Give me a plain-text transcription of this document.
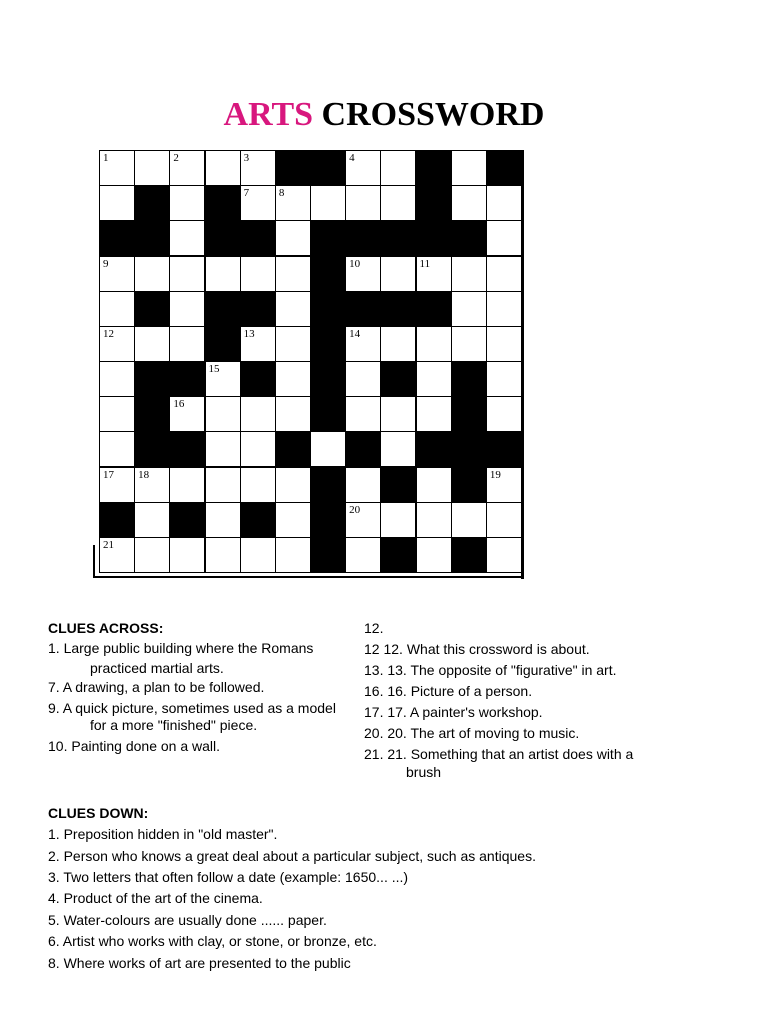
ARTS CROSSWORD
1	2	3	4	5	6
7	8
9	10	11
12	13	14
15
16
17 18	19
20
21
CLUES ACROSS:
1. Large public building where the Romans
practiced martial arts.
7. A drawing, a plan to be followed.
9. A quick picture, sometimes used as a model
for a more "finished" piece.
10. Painting done on a wall.
12.
12 12. What this crossword is about.
13. 13. The opposite of "figurative" in art.
16. 16. Picture of a person.
17. 17. A painter's workshop.
20. 20. The art of moving to music.
21. 21. Something that an artist does with a
brush
CLUES DOWN:
1. Preposition hidden in "old master".
2. Person who knows a great deal about a particular subject, such as antiques.
3. Two letters that often follow a date (example: 1650... ...)
4. Product of the art of the cinema.
5. Water-colours are usually done ...... paper.
6. Artist who works with clay, or stone, or bronze, etc.
8. Where works of art are presented to the public
